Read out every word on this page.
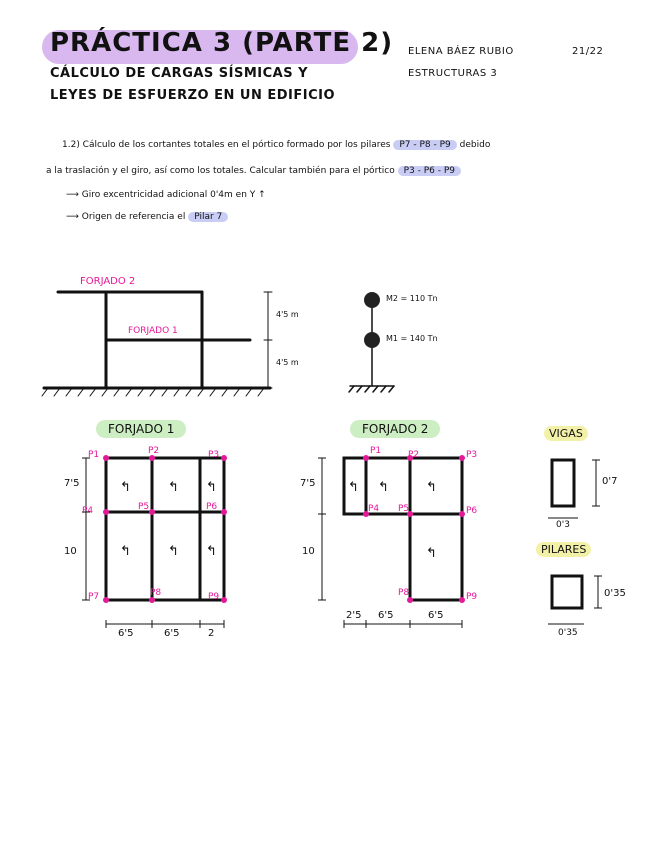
PRÁCTICA 3 (PARTE 2)
CÁLCULO DE CARGAS SÍSMICAS Y
LEYES DE ESFUERZO EN UN EDIFICIO
ELENA BÁEZ RUBIO	21/22
ESTRUCTURAS 3
1.2) Cálculo de los cortantes totales en el pórtico formado por los pilares P7 - P8 - P9 debido
a la traslación y el giro, así como los totales. Calcular también para el pórtico P3 - P6 - P9
⟶ Giro excentricidad adicional 0'4m en Y ↑
⟶ Origen de referencia el Pilar 7
FORJADO 2
FORJADO 1
4'5 m
4'5 m
M2 = 110 Tn
M1 = 140 Tn
FORJADO 1
P1	P2	P3
P4	P5	P6
P7	P8	P9
7'5
10
6'5	6'5	2
↰	↰ ↰
↰	↰ ↰
FORJADO 2
P1	P2	P3
P4 P5	P6
P8	P9
7'5
10
2'5 6'5	6'5
↰ ↰	↰
↰
VIGAS
0'7
0'3
PILARES
0'35
0'35
